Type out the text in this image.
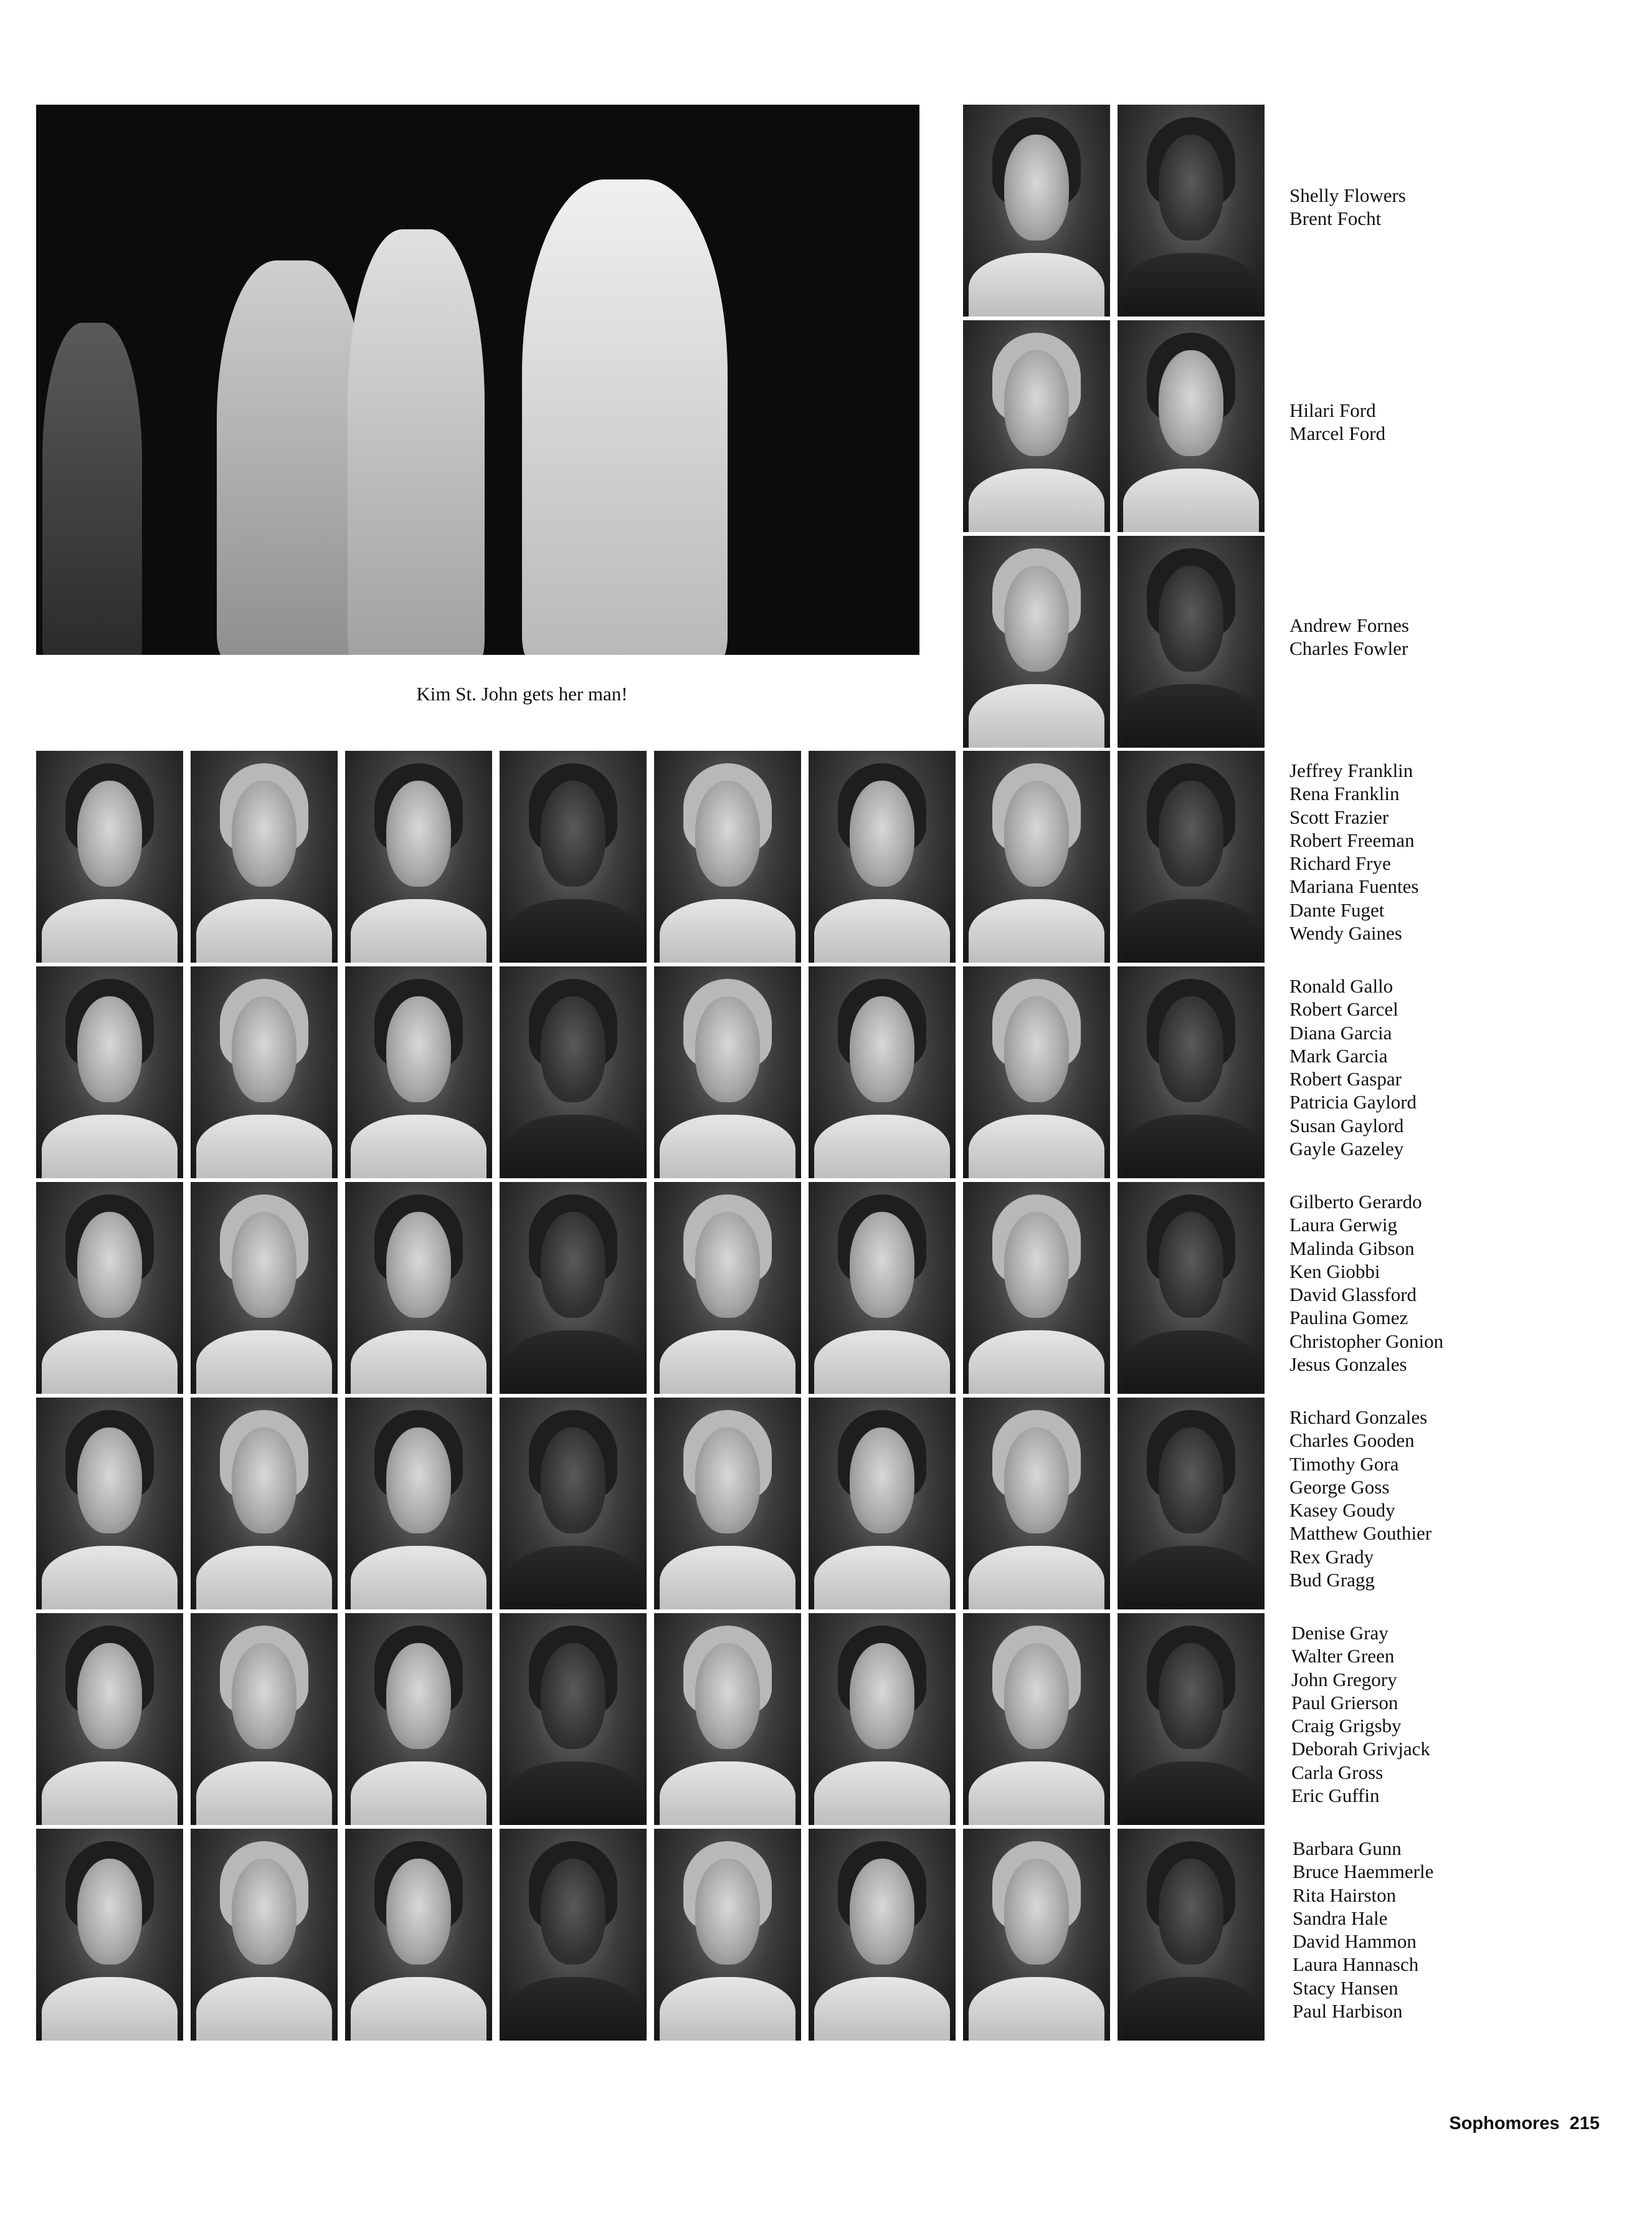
Kim St. John gets her man!
Shelly Flowers
Brent Focht
Hilari Ford
Marcel Ford
Andrew Fornes
Charles Fowler
Jeffrey Franklin
Rena Franklin
Scott Frazier
Robert Freeman
Richard Frye
Mariana Fuentes
Dante Fuget
Wendy Gaines
Ronald Gallo
Robert Garcel
Diana Garcia
Mark Garcia
Robert Gaspar
Patricia Gaylord
Susan Gaylord
Gayle Gazeley
Gilberto Gerardo
Laura Gerwig
Malinda Gibson
Ken Giobbi
David Glassford
Paulina Gomez
Christopher Gonion
Jesus Gonzales
Richard Gonzales
Charles Gooden
Timothy Gora
George Goss
Kasey Goudy
Matthew Gouthier
Rex Grady
Bud Gragg
Denise Gray
Walter Green
John Gregory
Paul Grierson
Craig Grigsby
Deborah Grivjack
Carla Gross
Eric Guffin
Barbara Gunn
Bruce Haemmerle
Rita Hairston
Sandra Hale
David Hammon
Laura Hannasch
Stacy Hansen
Paul Harbison
Sophomores 215
